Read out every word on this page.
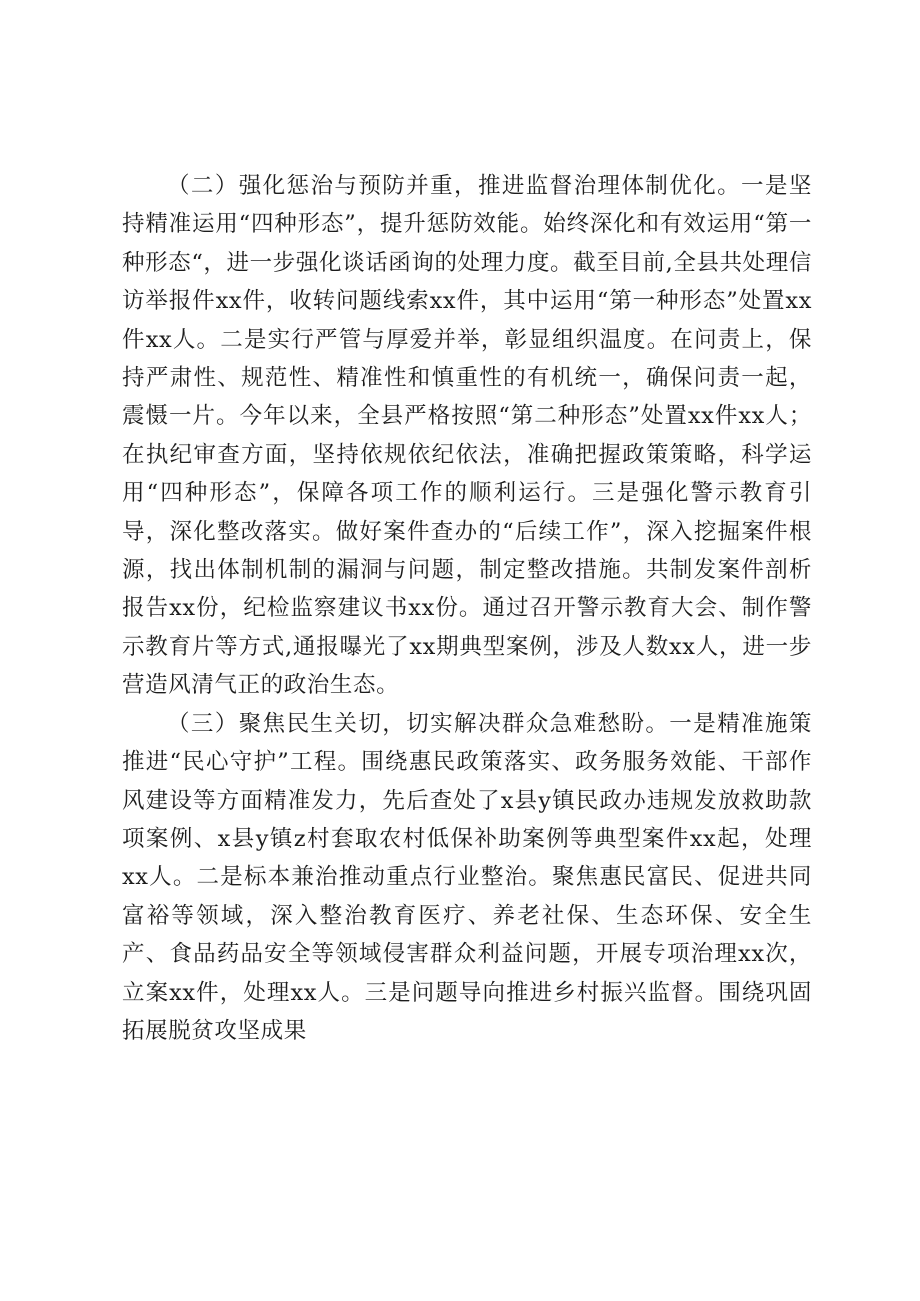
（二）强化惩治与预防并重，推进监督治理体制优化。一是坚持精准运用“四种形态”，提升惩防效能。始终深化和有效运用“第一种形态“，进一步强化谈话函询的处理力度。截至目前,全县共处理信访举报件xx件，收转问题线索xx件，其中运用“第一种形态”处置xx件xx人。二是实行严管与厚爱并举，彰显组织温度。在问责上，保持严肃性、规范性、精准性和慎重性的有机统一，确保问责一起，震慑一片。今年以来，全县严格按照“第二种形态”处置xx件xx人；在执纪审查方面，坚持依规依纪依法，准确把握政策策略，科学运用“四种形态”，保障各项工作的顺利运行。三是强化警示教育引导，深化整改落实。做好案件查办的“后续工作”，深入挖掘案件根源，找出体制机制的漏洞与问题，制定整改措施。共制发案件剖析报告xx份，纪检监察建议书xx份。通过召开警示教育大会、制作警示教育片等方式,通报曝光了xx期典型案例，涉及人数xx人，进一步营造风清气正的政治生态。

（三）聚焦民生关切，切实解决群众急难愁盼。一是精准施策推进“民心守护”工程。围绕惠民政策落实、政务服务效能、干部作风建设等方面精准发力，先后查处了x县y镇民政办违规发放救助款项案例、x县y镇z村套取农村低保补助案例等典型案件xx起，处理xx人。二是标本兼治推动重点行业整治。聚焦惠民富民、促进共同富裕等领域，深入整治教育医疗、养老社保、生态环保、安全生产、食品药品安全等领域侵害群众利益问题，开展专项治理xx次，立案xx件，处理xx人。三是问题导向推进乡村振兴监督。围绕巩固拓展脱贫攻坚成果
